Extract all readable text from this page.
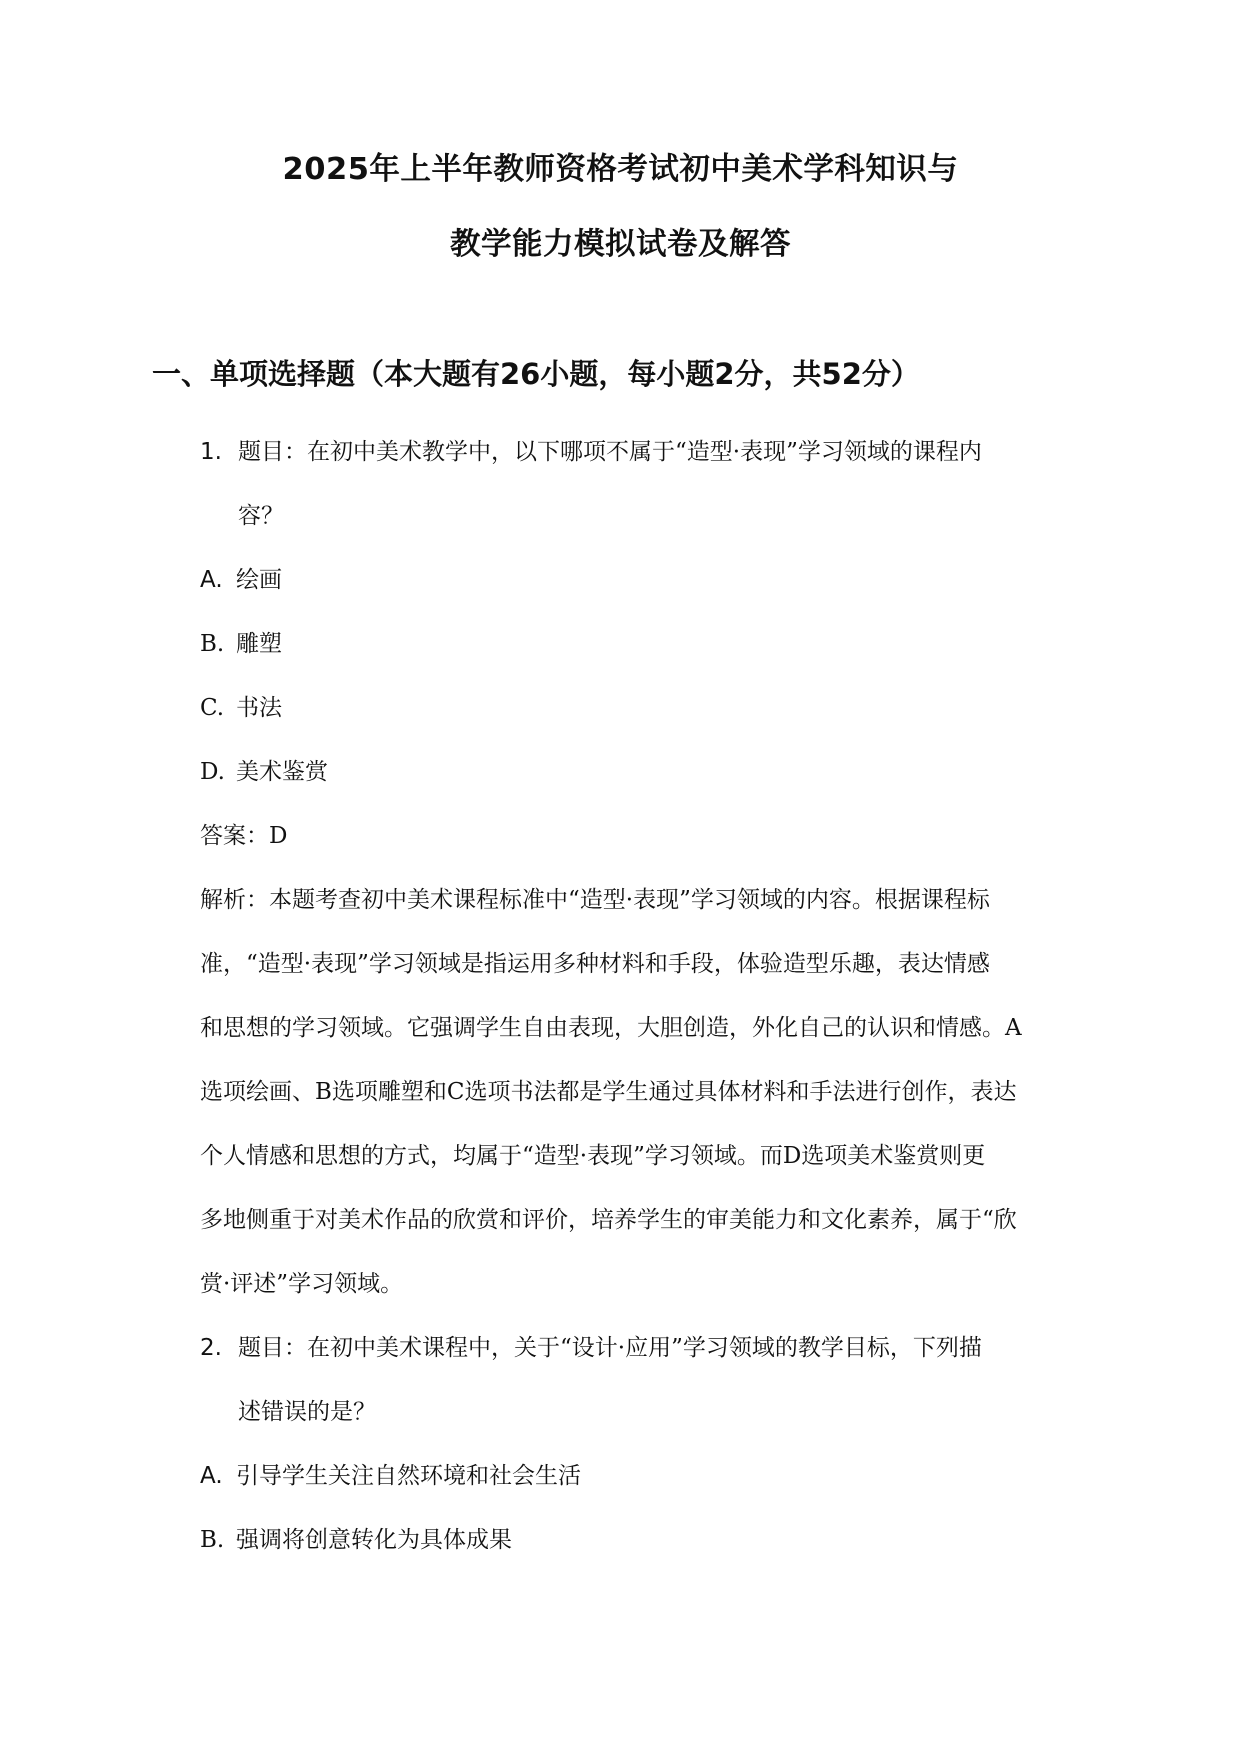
2025年上半年教师资格考试初中美术学科知识与
教学能力模拟试卷及解答
一、单项选择题（本大题有26小题，每小题2分，共52分）
1. 题目：在初中美术教学中，以下哪项不属于“造型·表现”学习领域的课程内
容？
A. 绘画
B. 雕塑
C. 书法
D. 美术鉴赏
答案：D
解析：本题考查初中美术课程标准中“造型·表现”学习领域的内容。根据课程标
准，“造型·表现”学习领域是指运用多种材料和手段，体验造型乐趣，表达情感
和思想的学习领域。它强调学生自由表现，大胆创造，外化自己的认识和情感。A
选项绘画、B选项雕塑和C选项书法都是学生通过具体材料和手法进行创作，表达
个人情感和思想的方式，均属于“造型·表现”学习领域。而D选项美术鉴赏则更
多地侧重于对美术作品的欣赏和评价，培养学生的审美能力和文化素养，属于“欣
赏·评述”学习领域。
2. 题目：在初中美术课程中，关于“设计·应用”学习领域的教学目标，下列描
述错误的是？
A. 引导学生关注自然环境和社会生活
B. 强调将创意转化为具体成果
